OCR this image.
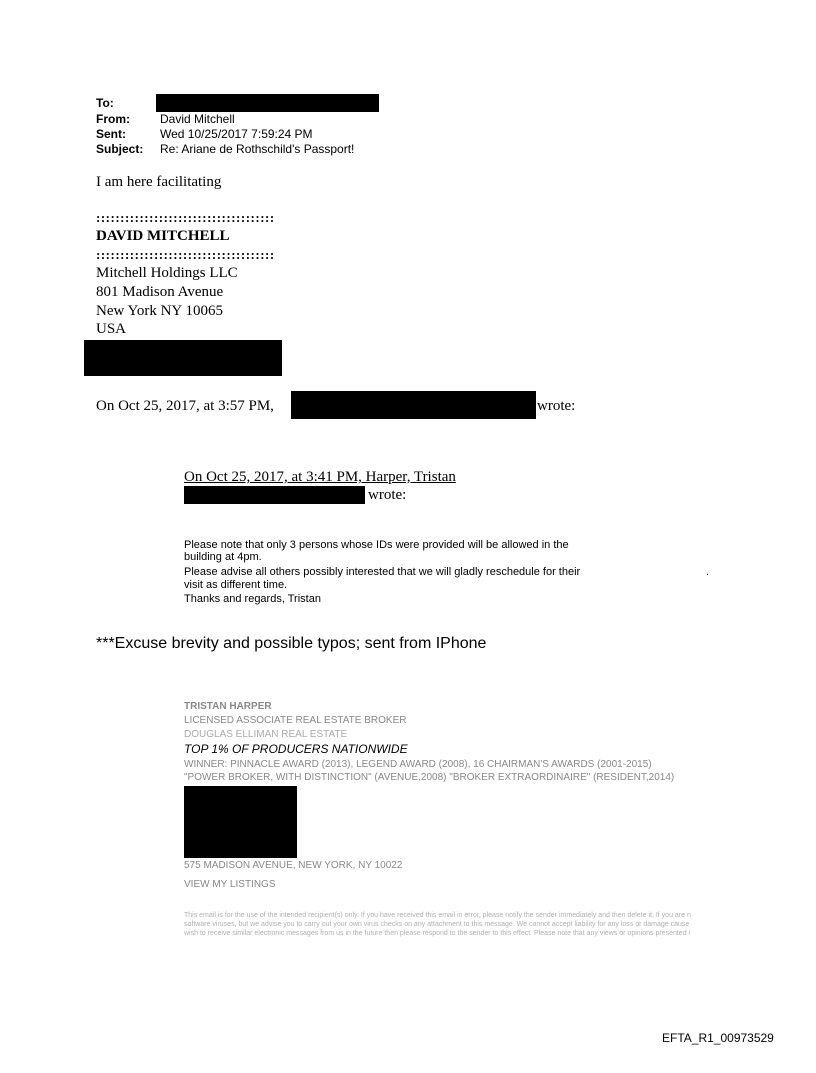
To:
From:	David Mitchell
Sent:	Wed 10/25/2017 7:59:24 PM
Subject: Re: Ariane de Rothschild's Passport!
I am here facilitating
:::::::::::::::::::::::::::::::::::::
DAVID MITCHELL
:::::::::::::::::::::::::::::::::::::
Mitchell Holdings LLC
801 Madison Avenue
New York NY 10065
USA
On Oct 25, 2017, at 3:57 PM,	wrote:
On Oct 25, 2017, at 3:41 PM, Harper, Tristan
wrote:
Please note that only 3 persons whose IDs were provided will be allowed in the
building at 4pm.
Please advise all others possibly interested that we will gladly reschedule for their	.
visit as different time.
Thanks and regards, Tristan
***Excuse brevity and possible typos; sent from IPhone
TRISTAN HARPER
LICENSED ASSOCIATE REAL ESTATE BROKER
DOUGLAS ELLIMAN REAL ESTATE
TOP 1% OF PRODUCERS NATIONWIDE
WINNER: PINNACLE AWARD (2013), LEGEND AWARD (2008), 16 CHAIRMAN'S AWARDS (2001-2015)
"POWER BROKER, WITH DISTINCTION" (AVENUE,2008) "BROKER EXTRAORDINAIRE" (RESIDENT,2014)
575 MADISON AVENUE, NEW YORK, NY 10022
VIEW MY LISTINGS
This email is for the use of the intended recipient(s) only. If you have received this email in error, please notify the sender immediately and then delete it. If you are n
software viruses, but we advise you to carry out your own virus checks on any attachment to this message. We cannot accept liability for any loss or damage cause
wish to receive similar electronic messages from us in the future then please respond to the sender to this effect. Please note that any views or opinions presented i
EFTA_R1_00973529
